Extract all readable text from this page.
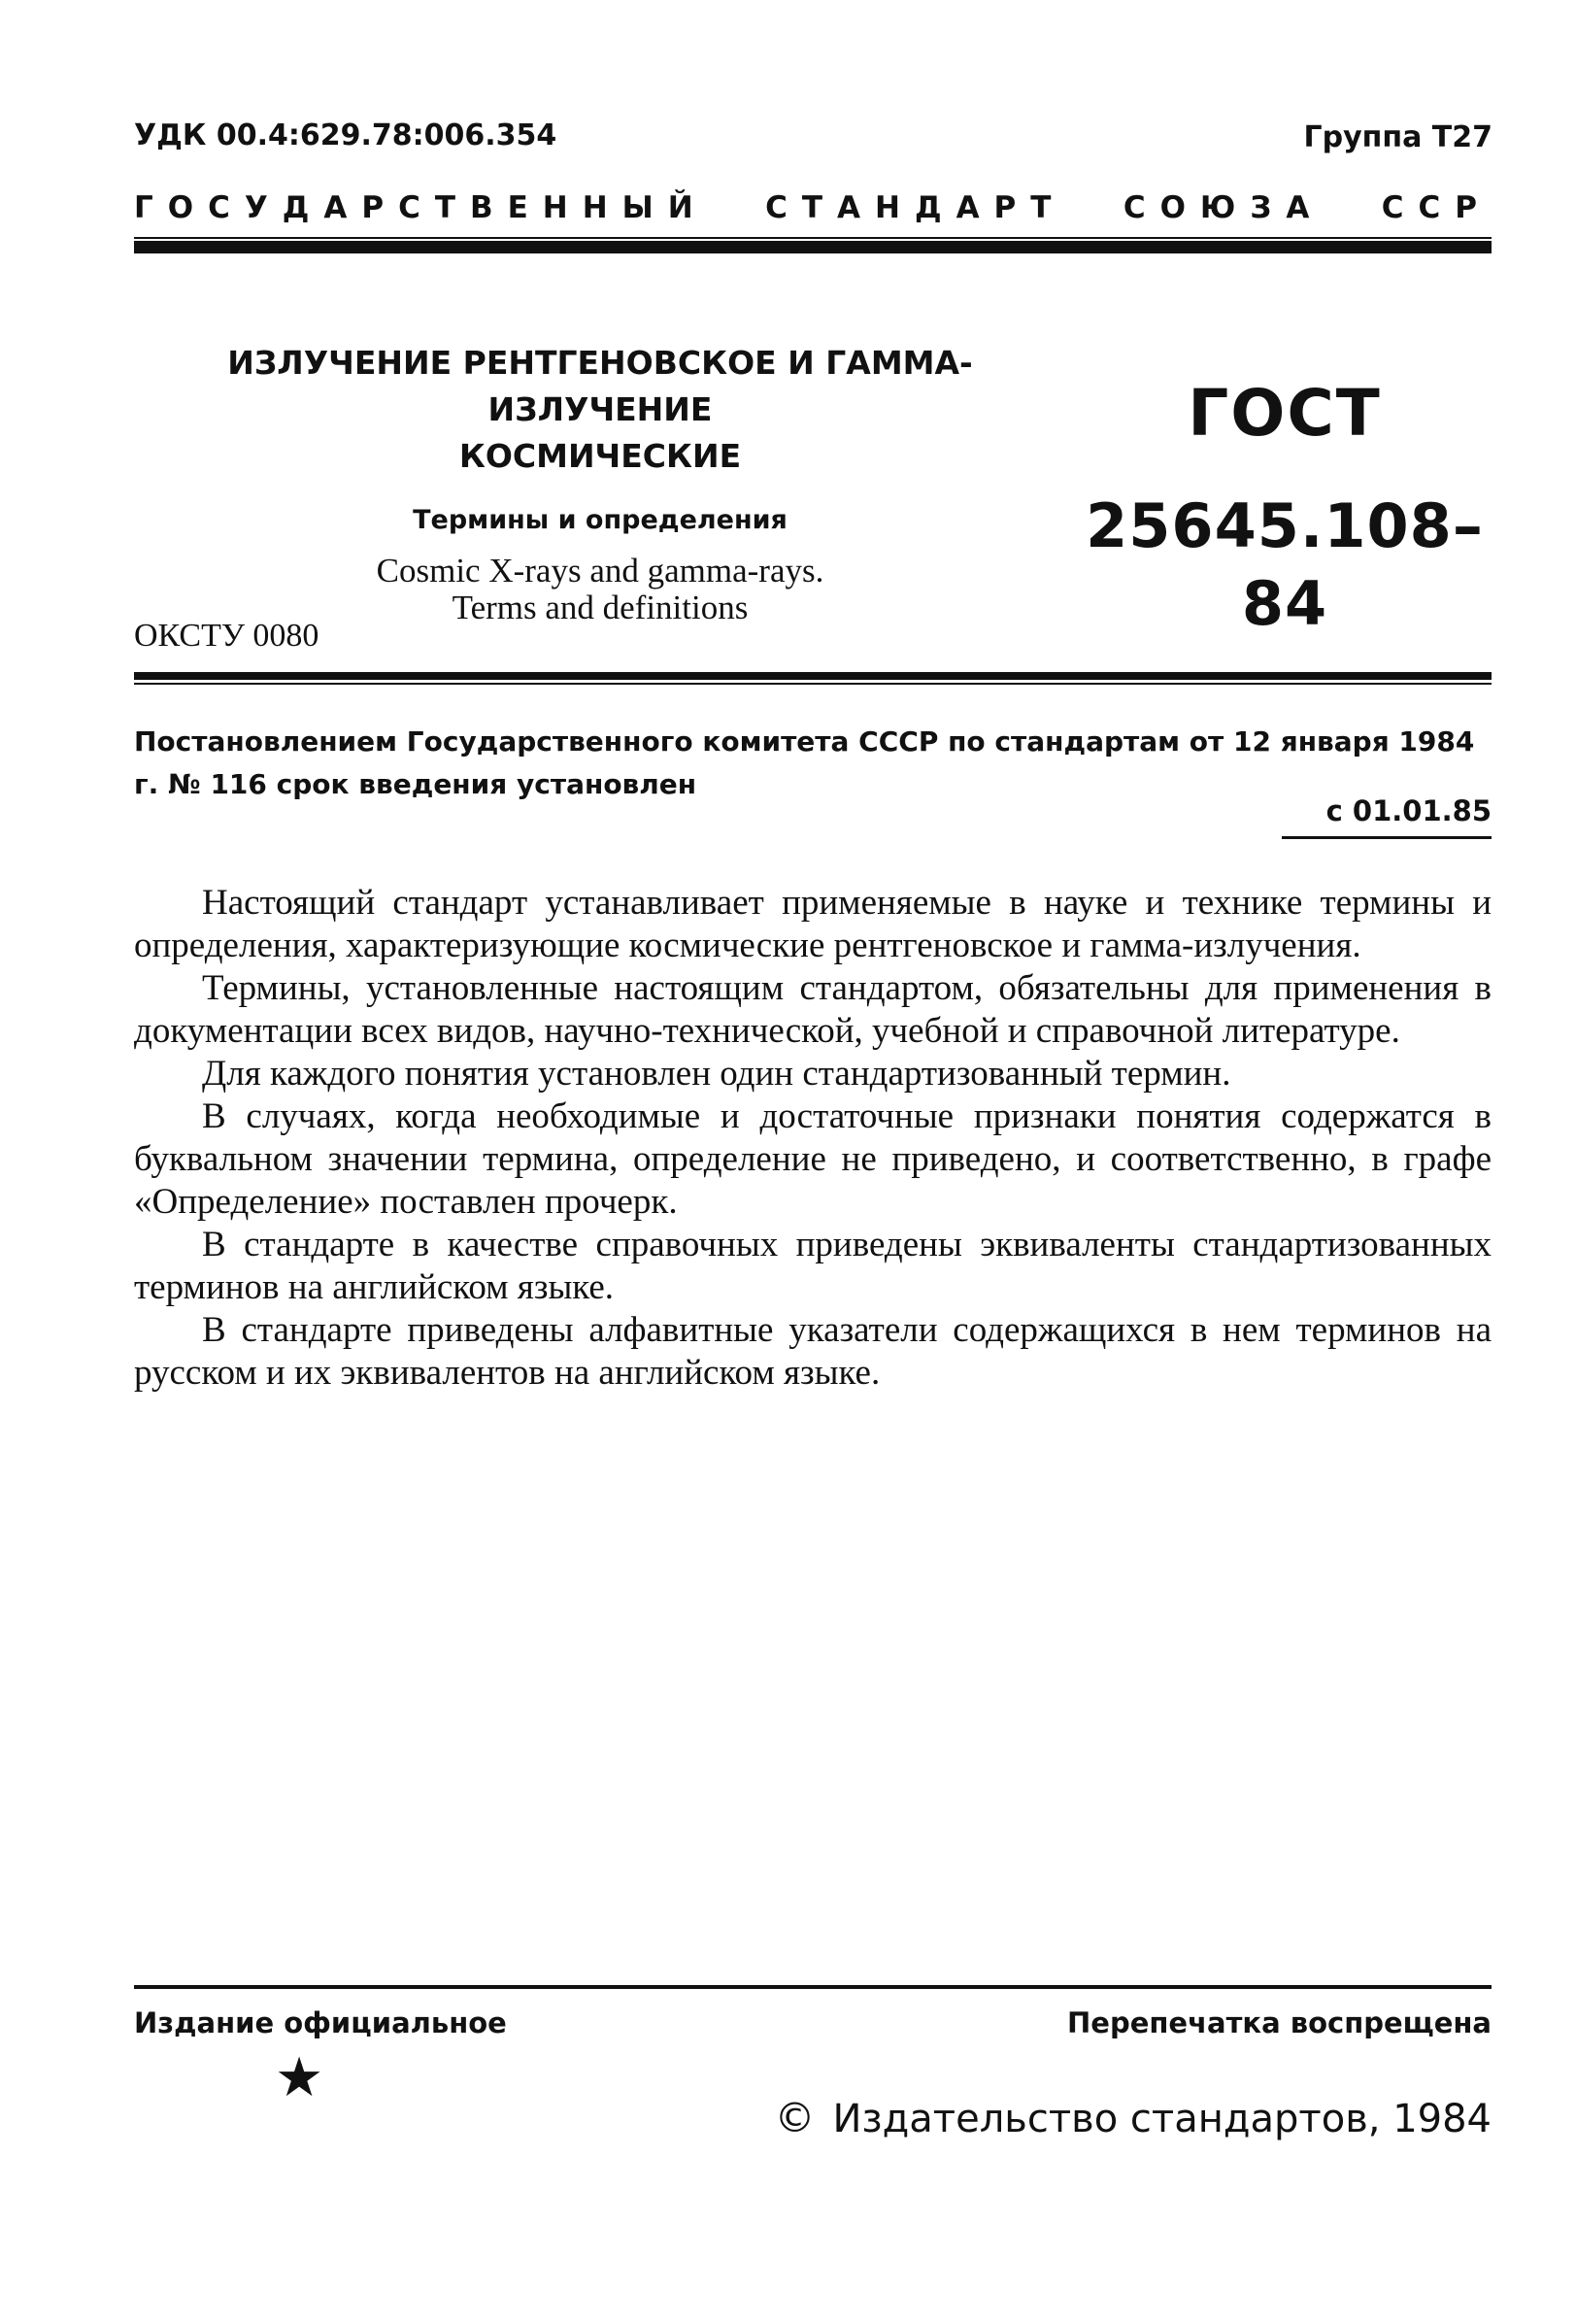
УДК 00.4:629.78:006.354	Группа Т27
ГОСУДАРСТВЕННЫЙ СТАНДАРТ СОЮЗА ССР
ИЗЛУЧЕНИЕ РЕНТГЕНОВСКОЕ И ГАММА-ИЗЛУЧЕНИЕ
КОСМИЧЕСКИЕ
Термины и определения
Cosmic X-rays and gamma-rays.
Terms and definitions
ГОСТ
25645.108–84
ОКСТУ 0080
Постановлением Государственного комитета СССР по стандартам от 12 января 1984 г. № 116 срок введения установлен
с 01.01.85

Настоящий стандарт устанавливает применяемые в науке и технике термины и определения, характеризующие космические рентгеновское и гамма-излучения.

Термины, установленные настоящим стандартом, обязательны для применения в документации всех видов, научно-технической, учебной и справочной литературе.

Для каждого понятия установлен один стандартизованный термин.

В случаях, когда необходимые и достаточные признаки понятия содержатся в буквальном значении термина, определение не приведено, и соответственно, в графе «Определение» поставлен прочерк.

В стандарте в качестве справочных приведены эквиваленты стандартизованных терминов на английском языке.

В стандарте приведены алфавитные указатели содержащихся в нем терминов на русском и их эквивалентов на английском языке.

Издание официальное	Перепечатка воспрещена
★
© Издательство стандартов, 1984
